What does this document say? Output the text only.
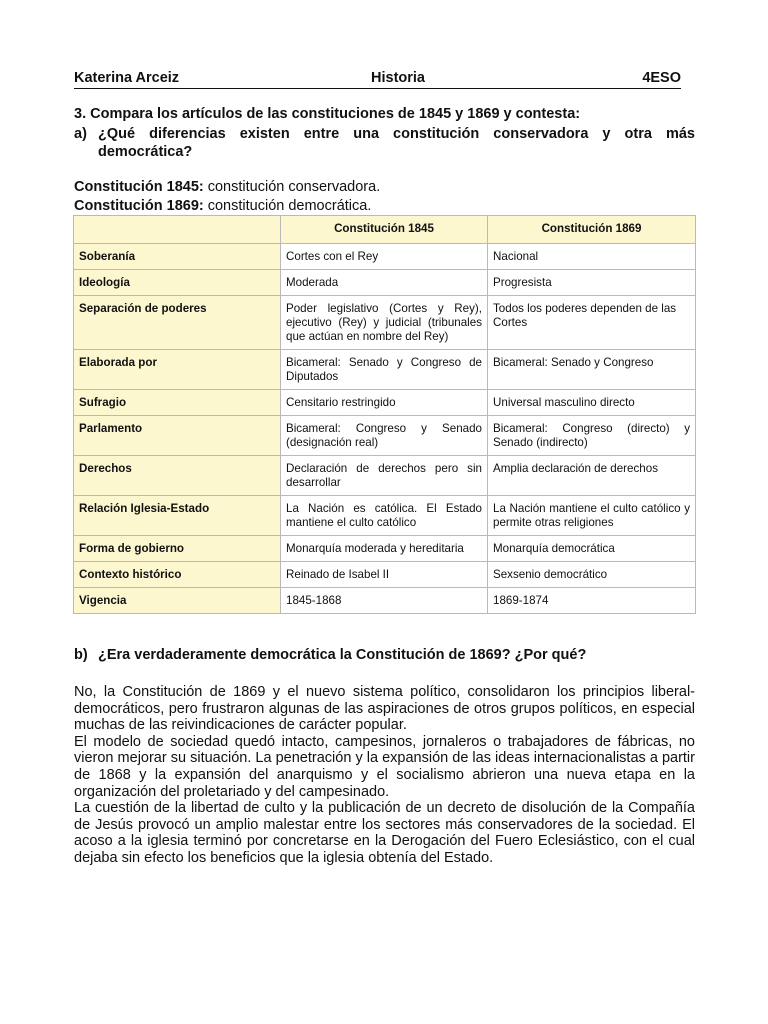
Katerina Arceiz	Historia	4ESO
3. Compara los artículos de las constituciones de 1845 y 1869 y contesta:
a) ¿Qué diferencias existen entre una constitución conservadora y otra más democrática?
Constitución 1845: constitución conservadora.
Constitución 1869: constitución democrática.
	Constitución 1845	Constitución 1869
Soberanía	Cortes con el Rey	Nacional
Ideología	Moderada	Progresista
Separación de poderes	Poder legislativo (Cortes y Rey), ejecutivo (Rey) y judicial (tribunales que actúan en nombre del Rey)	Todos los poderes dependen de las Cortes
Elaborada por	Bicameral: Senado y Congreso de Diputados	Bicameral: Senado y Congreso
Sufragio	Censitario restringido	Universal masculino directo
Parlamento	Bicameral: Congreso y Senado (designación real)	Bicameral: Congreso (directo) y Senado (indirecto)
Derechos	Declaración de derechos pero sin desarrollar	Amplia declaración de derechos
Relación Iglesia-Estado	La Nación es católica. El Estado mantiene el culto católico	La Nación mantiene el culto católico y permite otras religiones
Forma de gobierno	Monarquía moderada y hereditaria	Monarquía democrática
Contexto histórico	Reinado de Isabel II	Sexsenio democrático
Vigencia	1845-1868	1869-1874
b) ¿Era verdaderamente democrática la Constitución de 1869? ¿Por qué?

No, la Constitución de 1869 y el nuevo sistema político, consolidaron los principios liberal-democráticos, pero frustraron algunas de las aspiraciones de otros grupos políticos, en especial muchas de las reivindicaciones de carácter popular.

El modelo de sociedad quedó intacto, campesinos, jornaleros o trabajadores de fábricas, no vieron mejorar su situación. La penetración y la expansión de las ideas internacionalistas a partir de 1868 y la expansión del anarquismo y el socialismo abrieron una nueva etapa en la organización del proletariado y del campesinado.

La cuestión de la libertad de culto y la publicación de un decreto de disolución de la Compañía de Jesús provocó un amplio malestar entre los sectores más conservadores de la sociedad. El acoso a la iglesia terminó por concretarse en la Derogación del Fuero Eclesiástico, con el cual dejaba sin efecto los beneficios que la iglesia obtenía del Estado.
